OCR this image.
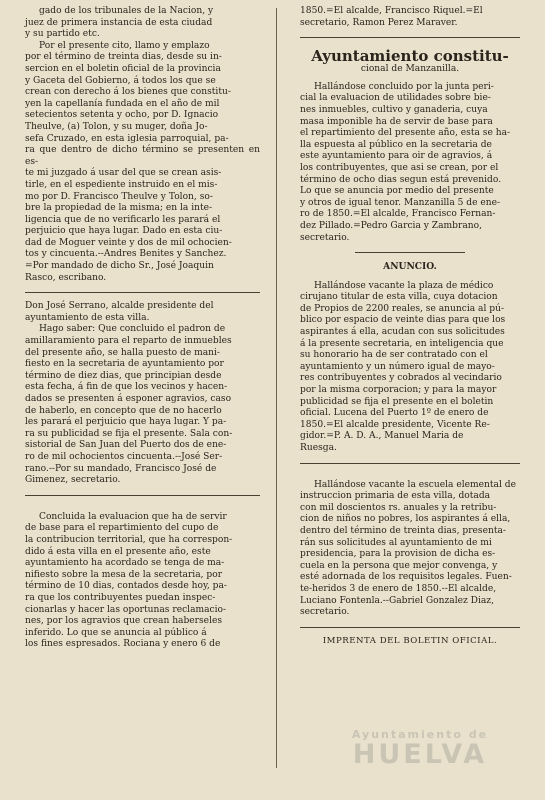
gado de los tribunales de la Nacion, y

juez de primera instancia de esta ciudad

y su partido etc.

Por el presente cito, llamo y emplazo

por el término de treinta dias, desde su in-

sercion en el boletin oficial de la provincia

y Gaceta del Gobierno, á todos los que se

crean con derecho á los bienes que constitu-

yen la capellanía fundada en el año de mil

setecientos setenta y ocho, por D. Ignacio

Theulve, (a) Tolon, y su muger, doña Jo-

sefa Cruzado, en esta iglesia parroquial, pa-

ra que dentro de dicho término se presenten en es-

te mi juzgado á usar del que se crean asis-

tirle, en el espediente instruido en el mis-

mo por D. Francisco Theulve y Tolon, so-

bre la propiedad de la misma; en la inte-

ligencia que de no verificarlo les parará el

perjuicio que haya lugar. Dado en esta ciu-

dad de Moguer veinte y dos de mil ochocien-

tos y cincuenta.--Andres Benites y Sanchez.

=Por mandado de dicho Sr., José Joaquin

Rasco, escribano.

Don José Serrano, alcalde presidente del

ayuntamiento de esta villa.

Hago saber: Que concluido el padron de

amillaramiento para el reparto de inmuebles

del presente año, se halla puesto de mani-

fiesto en la secretaria de ayuntamiento por

término de diez dias, que principian desde

esta fecha, á fin de que los vecinos y hacen-

dados se presenten á esponer agravios, caso

de haberlo, en concepto que de no hacerlo

les parará el perjuicio que haya lugar. Y pa-

ra su publicidad se fija el presente. Sala con-

sistorial de San Juan del Puerto dos de ene-

ro de mil ochocientos cincuenta.--José Ser-

rano.--Por su mandado, Francisco José de

Gimenez, secretario.

Concluida la evaluacion que ha de servir

de base para el repartimiento del cupo de

la contribucion territorial, que ha correspon-

dido á esta villa en el presente año, este

ayuntamiento ha acordado se tenga de ma-

nifiesto sobre la mesa de la secretaria, por

término de 10 dias, contados desde hoy, pa-

ra que los contribuyentes puedan inspec-

cionarlas y hacer las oportunas reclamacio-

nes, por los agravios que crean haberseles

inferido. Lo que se anuncia al público á

los fines espresados. Rociana y enero 6 de

1850.=El alcalde, Francisco Riquel.=El

secretario, Ramon Perez Maraver.

Ayuntamiento constitu-
cional de Manzanilla.

Hallándose concluido por la junta peri-

cial la evaluacion de utilidades sobre bie-

nes inmuebles, cultivo y ganaderia, cuya

masa imponible ha de servir de base para

el repartimiento del presente año, esta se ha-

lla espuesta al público en la secretaria de

este ayuntamiento para oir de agravios, á

los contribuyentes, que asi se crean, por el

término de ocho dias segun está prevenido.

Lo que se anuncia por medio del presente

y otros de igual tenor. Manzanilla 5 de ene-

ro de 1850.=El alcalde, Francisco Fernan-

dez Pillado.=Pedro Garcia y Zambrano,

secretario.

ANUNCIO.

Hallándose vacante la plaza de médico

cirujano titular de esta villa, cuya dotacion

de Propios de 2200 reales, se anuncia al pú-

blico por espacio de veinte dias para que los

aspirantes á ella, acudan con sus solicitudes

á la presente secretaria, en inteligencia que

su honorario ha de ser contratado con el

ayuntamiento y un número igual de mayo-

res contribuyentes y cobrados al vecindario

por la misma corporacion; y para la mayor

publicidad se fija el presente en el boletin

oficial. Lucena del Puerto 1º de enero de

1850.=El alcalde presidente, Vicente Re-

gidor.=P. A. D. A., Manuel Maria de

Ruesga.

Hallándose vacante la escuela elemental de

instruccion primaria de esta villa, dotada

con mil doscientos rs. anuales y la retribu-

cion de niños no pobres, los aspirantes á ella,

dentro del término de treinta dias, presenta-

rán sus solicitudes al ayuntamiento de mi

presidencia, para la provision de dicha es-

cuela en la persona que mejor convenga, y

esté adornada de los requisitos legales. Fuen-

te-heridos 3 de enero de 1850.--El alcalde,

Luciano Fontenla.--Gabriel Gonzalez Diaz,

secretario.

IMPRENTA DEL BOLETIN OFICIAL.
Ayuntamiento de
HUELVA
